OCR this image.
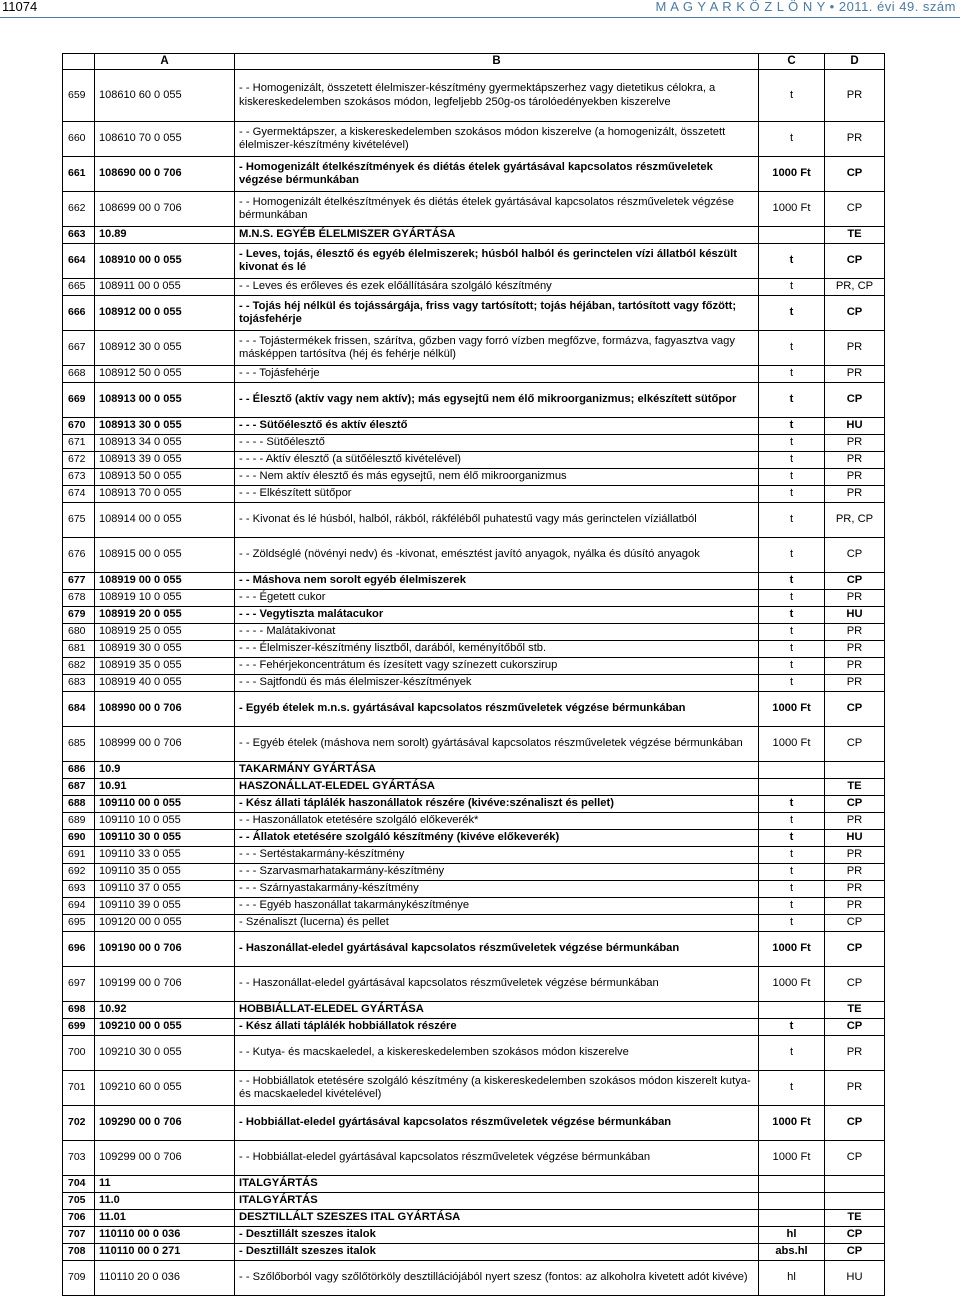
11074	M A G Y A R K Ö Z L Ö N Y • 2011. évi 49. szám
	A	B	C	D
659	108610 60 0 055	- - Homogenizált, összetett élelmiszer-készítmény gyermektápszerhez vagy dietetikus célokra, a kiskereskedelemben szokásos módon, legfeljebb 250g-os tárolóedényekben kiszerelve	t	PR
660	108610 70 0 055	- - Gyermektápszer, a kiskereskedelemben szokásos módon kiszerelve (a homogenizált, összetett élelmiszer-készítmény kivételével)	t	PR
661	108690 00 0 706	- Homogenizált ételkészítmények és diétás ételek gyártásával kapcsolatos részműveletek végzése bérmunkában	1000 Ft	CP
662	108699 00 0 706	- - Homogenizált ételkészítmények és diétás ételek gyártásával kapcsolatos részműveletek végzése bérmunkában	1000 Ft	CP
663	10.89	M.N.S. EGYÉB ÉLELMISZER GYÁRTÁSA		TE
664	108910 00 0 055	- Leves, tojás, élesztő és egyéb élelmiszerek; húsból halból és gerinctelen vízi állatból készült kivonat és lé	t	CP
665	108911 00 0 055	- - Leves és erőleves és ezek előállítására szolgáló készítmény	t	PR, CP
666	108912 00 0 055	- - Tojás héj nélkül és tojássárgája, friss vagy tartósított; tojás héjában, tartósított vagy főzött; tojásfehérje	t	CP
667	108912 30 0 055	- - - Tojástermékek frissen, szárítva, gőzben vagy forró vízben megfőzve, formázva, fagyasztva vagy másképpen tartósítva (héj és fehérje nélkül)	t	PR
668	108912 50 0 055	- - - Tojásfehérje	t	PR
669	108913 00 0 055	- - Élesztő (aktív vagy nem aktív); más egysejtű nem élő mikroorganizmus; elkészített sütőpor	t	CP
670	108913 30 0 055	- - - Sütőélesztő és aktív élesztő	t	HU
671	108913 34 0 055	- - - - Sütőélesztő	t	PR
672	108913 39 0 055	- - - - Aktív élesztő (a sütőélesztő kivételével)	t	PR
673	108913 50 0 055	- - - Nem aktív élesztő és más egysejtű, nem élő mikroorganizmus	t	PR
674	108913 70 0 055	- - - Elkészített sütőpor	t	PR
675	108914 00 0 055	- - Kivonat és lé húsból, halból, rákból, rákféléből puhatestű vagy más gerinctelen víziállatból	t	PR, CP
676	108915 00 0 055	- - Zöldséglé (növényi nedv) és -kivonat, emésztést javító anyagok, nyálka és dúsító anyagok	t	CP
677	108919 00 0 055	- - Máshova nem sorolt egyéb élelmiszerek	t	CP
678	108919 10 0 055	- - - Égetett cukor	t	PR
679	108919 20 0 055	- - - Vegytiszta malátacukor	t	HU
680	108919 25 0 055	- - - - Malátakivonat	t	PR
681	108919 30 0 055	- - - Élelmiszer-készítmény lisztből, darából, keményítőből stb.	t	PR
682	108919 35 0 055	- - - Fehérjekoncentrátum és ízesített vagy színezett cukorszirup	t	PR
683	108919 40 0 055	- - - Sajtfondü és más élelmiszer-készítmények	t	PR
684	108990 00 0 706	- Egyéb ételek m.n.s. gyártásával kapcsolatos részműveletek végzése bérmunkában	1000 Ft	CP
685	108999 00 0 706	- - Egyéb ételek (máshova nem sorolt) gyártásával kapcsolatos részműveletek végzése bérmunkában	1000 Ft	CP
686	10.9	TAKARMÁNY GYÁRTÁSA		
687	10.91	HASZONÁLLAT-ELEDEL GYÁRTÁSA		TE
688	109110 00 0 055	- Kész állati táplálék haszonállatok részére (kivéve:szénaliszt és pellet)	t	CP
689	109110 10 0 055	- - Haszonállatok etetésére szolgáló előkeverék*	t	PR
690	109110 30 0 055	- - Állatok etetésére szolgáló készítmény (kivéve előkeverék)	t	HU
691	109110 33 0 055	- - - Sertéstakarmány-készítmény	t	PR
692	109110 35 0 055	- - - Szarvasmarhatakarmány-készítmény	t	PR
693	109110 37 0 055	- - - Szárnyastakarmány-készítmény	t	PR
694	109110 39 0 055	- - - Egyéb haszonállat takarmánykészítménye	t	PR
695	109120 00 0 055	- Szénaliszt (lucerna) és pellet	t	CP
696	109190 00 0 706	- Haszonállat-eledel gyártásával kapcsolatos részműveletek végzése bérmunkában	1000 Ft	CP
697	109199 00 0 706	- - Haszonállat-eledel gyártásával kapcsolatos részműveletek végzése bérmunkában	1000 Ft	CP
698	10.92	HOBBIÁLLAT-ELEDEL GYÁRTÁSA		TE
699	109210 00 0 055	- Kész állati táplálék hobbiállatok részére	t	CP
700	109210 30 0 055	- - Kutya- és macskaeledel, a kiskereskedelemben szokásos módon kiszerelve	t	PR
701	109210 60 0 055	- - Hobbiállatok etetésére szolgáló készítmény (a kiskereskedelemben szokásos módon kiszerelt kutya- és macskaeledel kivételével)	t	PR
702	109290 00 0 706	- Hobbiállat-eledel gyártásával kapcsolatos részműveletek végzése bérmunkában	1000 Ft	CP
703	109299 00 0 706	- - Hobbiállat-eledel gyártásával kapcsolatos részműveletek végzése bérmunkában	1000 Ft	CP
704	11	ITALGYÁRTÁS		
705	11.0	ITALGYÁRTÁS		
706	11.01	DESZTILLÁLT SZESZES ITAL GYÁRTÁSA		TE
707	110110 00 0 036	- Desztillált szeszes italok	hl	CP
708	110110 00 0 271	- Desztillált szeszes italok	abs.hl	CP
709	110110 20 0 036	- - Szőlőborból vagy szőlőtörköly desztillációjából nyert szesz (fontos: az alkoholra kivetett adót kivéve)	hl	HU
